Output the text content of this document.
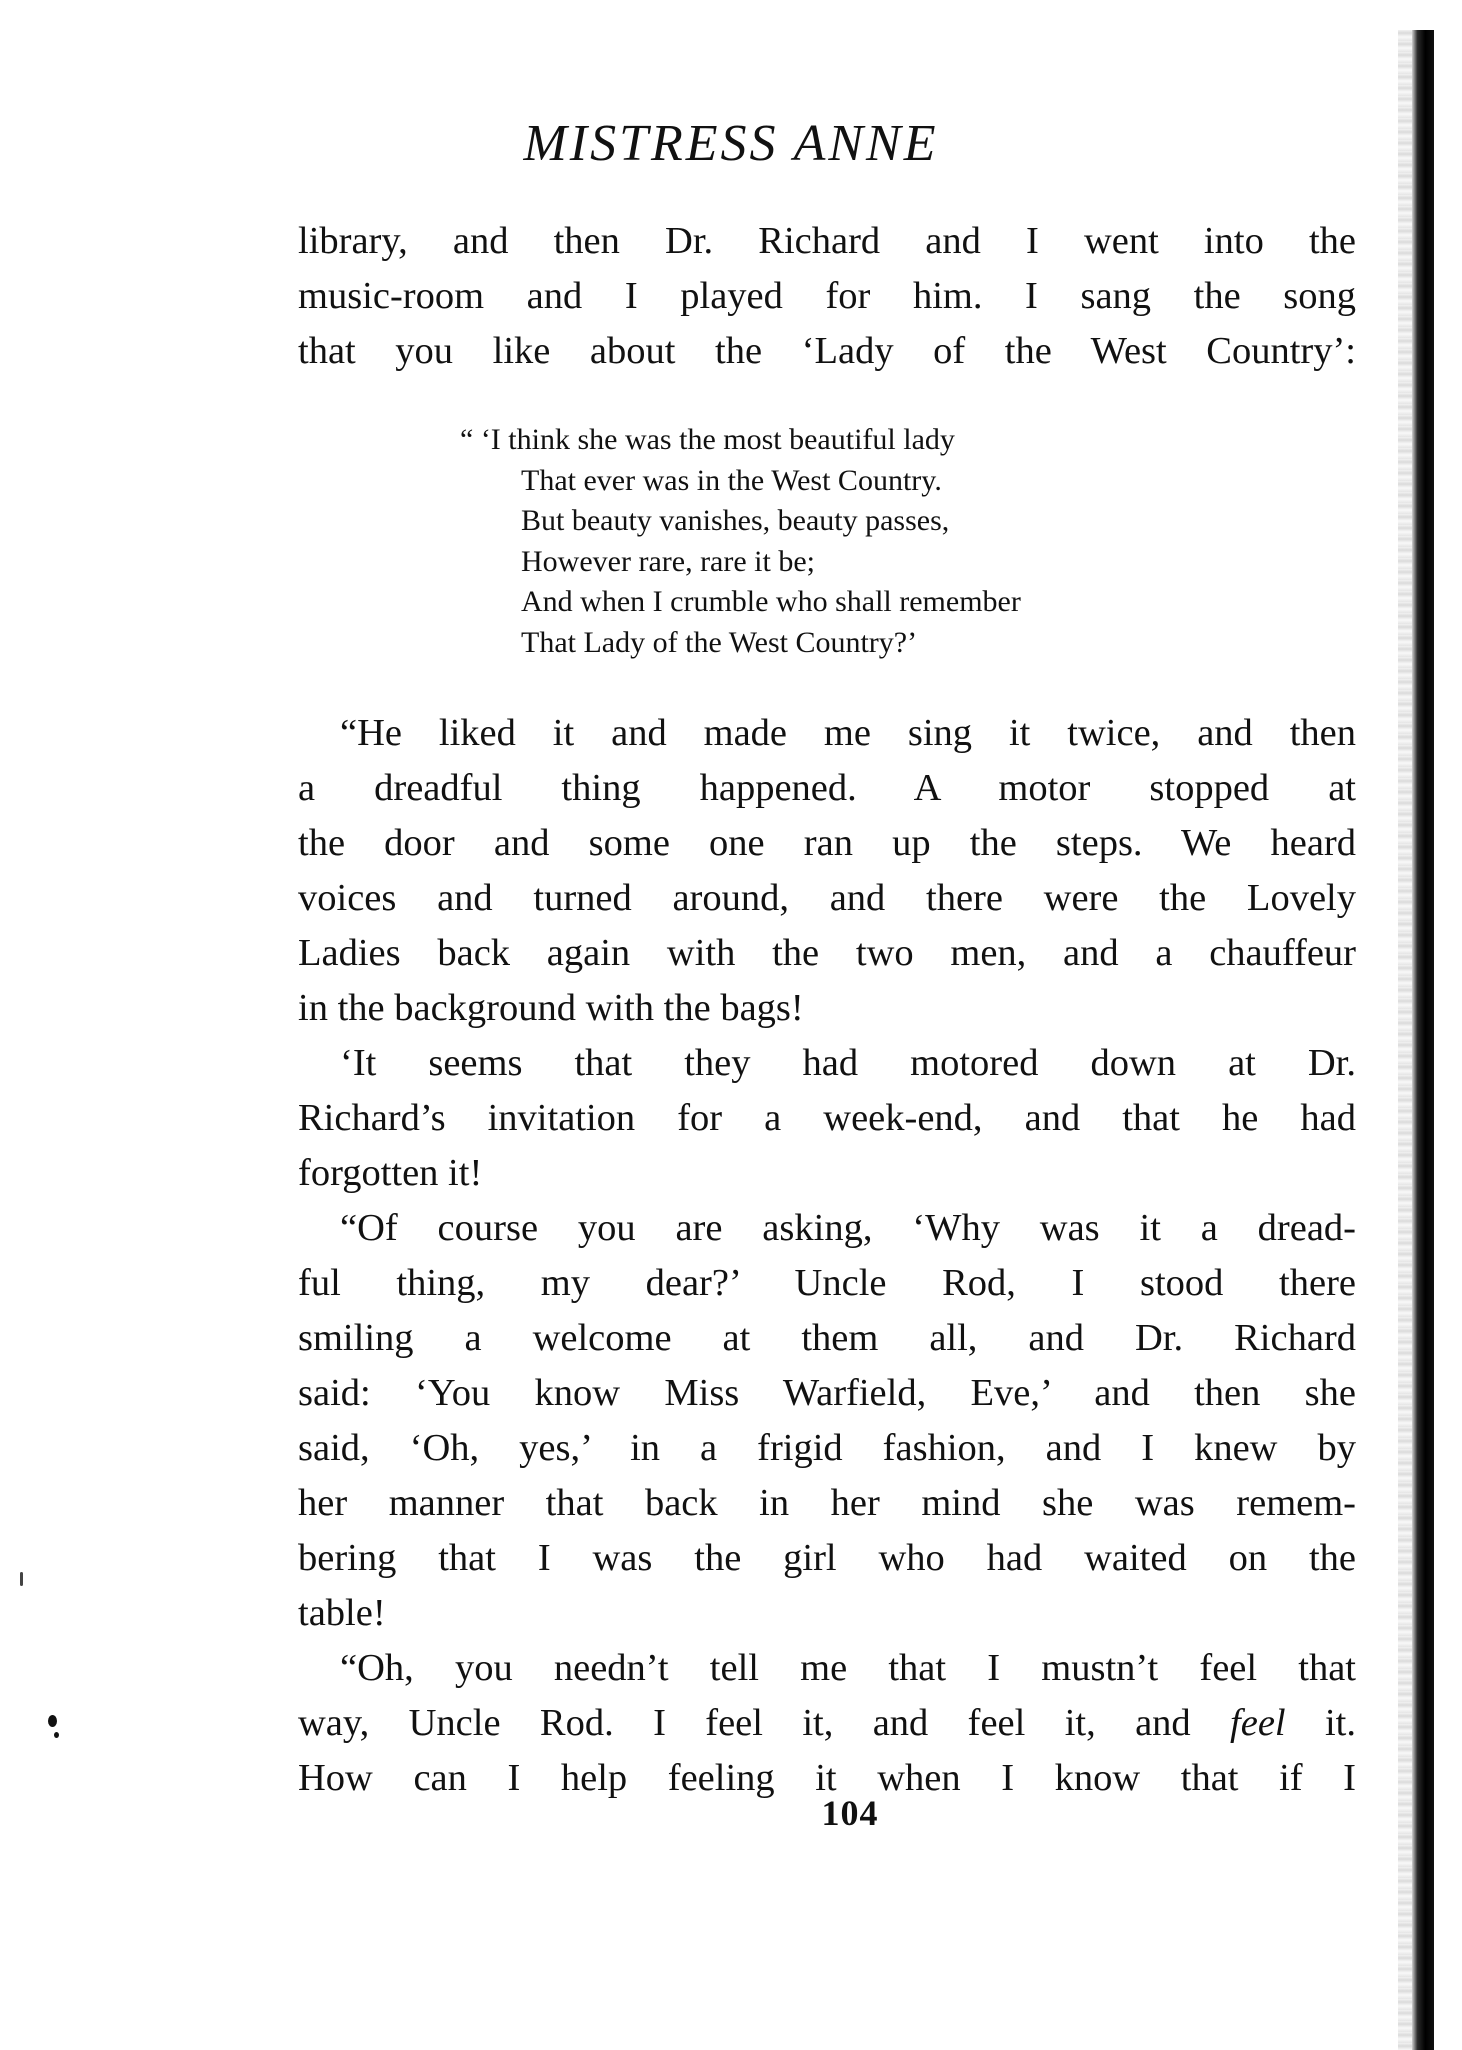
MISTRESS ANNE
library, and then Dr. Richard and I went into the
music-room and I played for him. I sang the song
that you like about the ‘Lady of the West Country’:
“ ‘I think she was the most beautiful lady
That ever was in the West Country.
But beauty vanishes, beauty passes,
However rare, rare it be;
And when I crumble who shall remember
That Lady of the West Country?’
“He liked it and made me sing it twice, and then
a dreadful thing happened. A motor stopped at
the door and some one ran up the steps. We heard
voices and turned around, and there were the Lovely
Ladies back again with the two men, and a chauffeur
in the background with the bags!
‘It seems that they had motored down at Dr.
Richard’s invitation for a week-end, and that he had
forgotten it!
“Of course you are asking, ‘Why was it a dread-
ful thing, my dear?’ Uncle Rod, I stood there
smiling a welcome at them all, and Dr. Richard
said: ‘You know Miss Warfield, Eve,’ and then she
said, ‘Oh, yes,’ in a frigid fashion, and I knew by
her manner that back in her mind she was remem-
bering that I was the girl who had waited on the
table!
“Oh, you needn’t tell me that I mustn’t feel that
way, Uncle Rod. I feel it, and feel it, and feel it.
How can I help feeling it when I know that if I
104
